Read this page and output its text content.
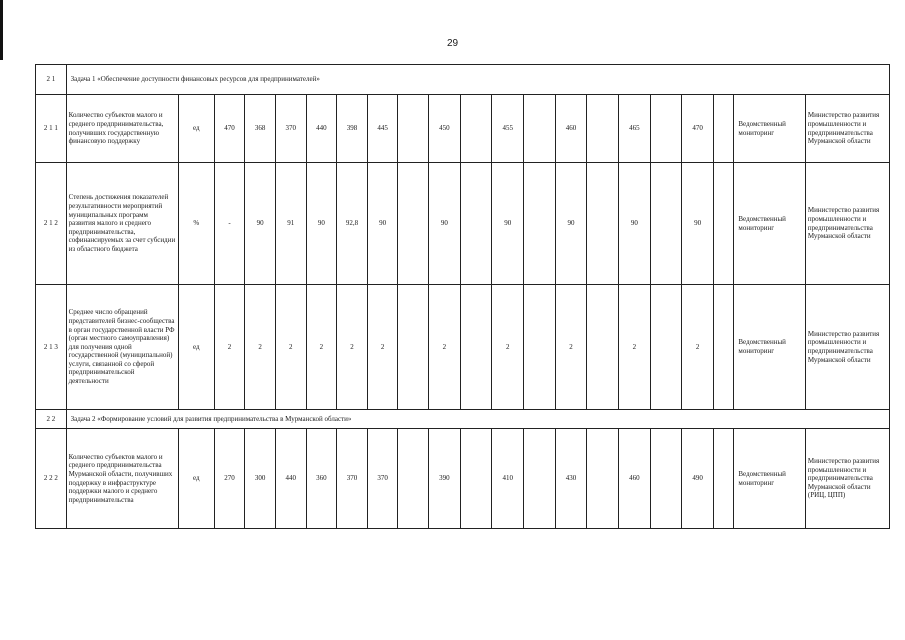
29
2 1	Задача 1 «Обеспечение доступности финансовых ресурсов для предпринимателей»																				
2 1 1	Количество субъектов малого и среднего предпринимательства, получивших государственную финансовую поддержку	ед	470	368	370	440	398	445		450		455		460		465		470		Ведомственный мониторинг	Министерство развития промышленности и предпринимательства Мурманской области
2 1 2	Степень достижения показателей результативности мероприятий муниципальных программ развития малого и среднего предпринимательства, софинансируемых за счет субсидии из областного бюджета	%	-	90	91	90	92,8	90		90		90		90		90		90		Ведомственный мониторинг	Министерство развития промышленности и предпринимательства Мурманской области
2 1 3	Среднее число обращений представителей бизнес-сообщества в орган государственной власти РФ (орган местного самоуправления) для получения одной государственной (муниципальной) услуги, связанной со сферой предпринимательской деятельности	ед	2	2	2	2	2	2		2		2		2		2		2		Ведомственный мониторинг	Министерство развития промышленности и предпринимательства Мурманской области
2 2	Задача 2 «Формирование условий для развития предпринимательства в Мурманской области»																				
2 2 2	Количество субъектов малого и среднего предпринимательства Мурманской области, получивших поддержку в инфраструктуре поддержки малого и среднего предпринимательства	ед	270	300	440	360	370	370		390		410		430		460		490		Ведомственный мониторинг	Министерство развития промышленности и предпринимательства Мурманской области (РИЦ, ЦПП)
